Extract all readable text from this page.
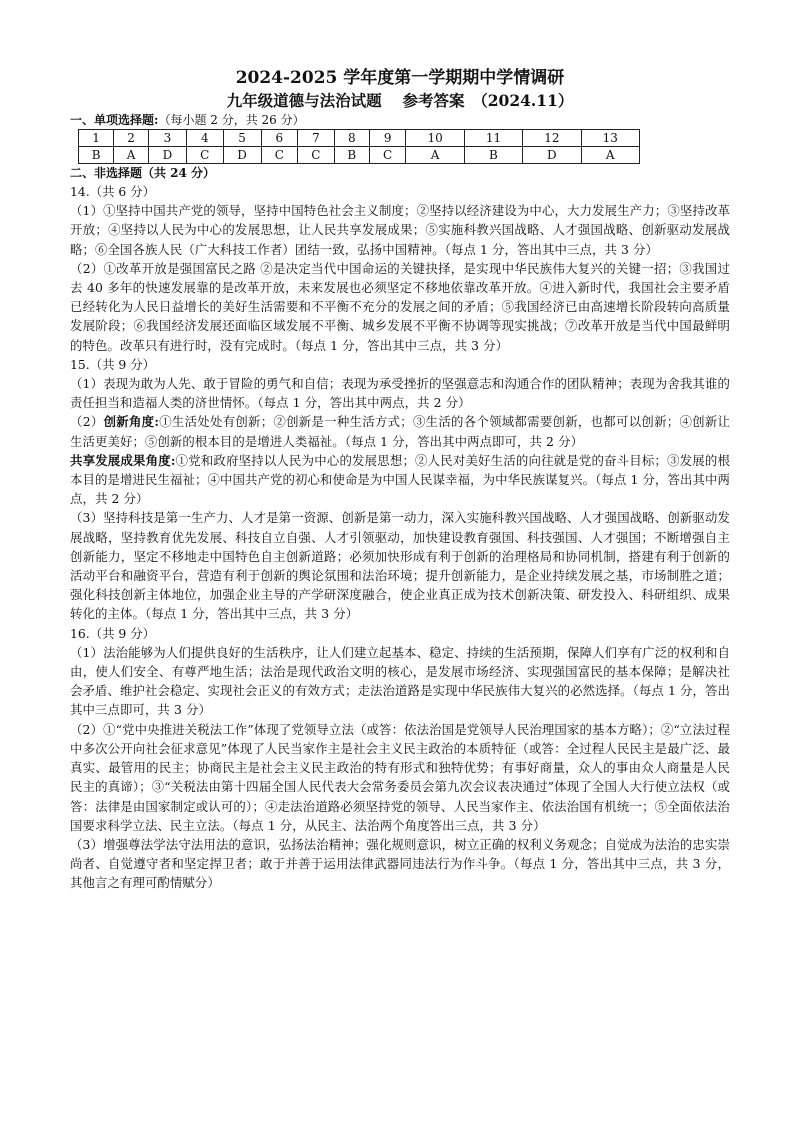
2024-2025 学年度第一学期期中学情调研
九年级道德与法治试题　 参考答案　（2024.11）

一、单项选择题:（每小题 2 分，共 26 分）

1	2	3	4	5	6	7	8	9	10	11	12	13
B	A	D	C	D	C	C	B	C	A	B	D	A

二、非选择题（共 24 分）

14.（共 6 分）

（1）①坚持中国共产党的领导，坚持中国特色社会主义制度；②坚持以经济建设为中心，大力发展生产力；③坚持改革开放；④坚持以人民为中心的发展思想，让人民共享发展成果；⑤实施科教兴国战略、人才强国战略、创新驱动发展战略；⑥全国各族人民（广大科技工作者）团结一致，弘扬中国精神。（每点 1 分，答出其中三点，共 3 分）

（2）①改革开放是强国富民之路 ②是决定当代中国命运的关键抉择，是实现中华民族伟大复兴的关键一招；③我国过去 40 多年的快速发展靠的是改革开放，未来发展也必须坚定不移地依靠改革开放。④进入新时代，我国社会主要矛盾已经转化为人民日益增长的美好生活需要和不平衡不充分的发展之间的矛盾；⑤我国经济已由高速增长阶段转向高质量发展阶段；⑥我国经济发展还面临区域发展不平衡、城乡发展不平衡不协调等现实挑战；⑦改革开放是当代中国最鲜明的特色。改革只有进行时，没有完成时。（每点 1 分，答出其中三点，共 3 分）

15.（共 9 分）

（1）表现为敢为人先、敢于冒险的勇气和自信；表现为承受挫折的坚强意志和沟通合作的团队精神；表现为舍我其谁的责任担当和造福人类的济世情怀。（每点 1 分，答出其中两点，共 2 分）

（2）创新角度:①生活处处有创新；②创新是一种生活方式；③生活的各个领域都需要创新，也都可以创新；④创新让生活更美好；⑤创新的根本目的是增进人类福祉。（每点 1 分，答出其中两点即可，共 2 分）

共享发展成果角度:①党和政府坚持以人民为中心的发展思想；②人民对美好生活的向往就是党的奋斗目标；③发展的根本目的是增进民生福祉；④中国共产党的初心和使命是为中国人民谋幸福，为中华民族谋复兴。（每点 1 分，答出其中两点，共 2 分）

（3）坚持科技是第一生产力、人才是第一资源、创新是第一动力，深入实施科教兴国战略、人才强国战略、创新驱动发展战略，坚持教育优先发展、科技自立自强、人才引领驱动，加快建设教育强国、科技强国、人才强国；不断增强自主创新能力，坚定不移地走中国特色自主创新道路；必须加快形成有利于创新的治理格局和协同机制，搭建有利于创新的活动平台和融资平台，营造有利于创新的舆论氛围和法治环境；提升创新能力，是企业持续发展之基，市场制胜之道；强化科技创新主体地位，加强企业主导的产学研深度融合，使企业真正成为技术创新决策、研发投入、科研组织、成果转化的主体。（每点 1 分，答出其中三点，共 3 分）

16.（共 9 分）

（1）法治能够为人们提供良好的生活秩序，让人们建立起基本、稳定、持续的生活预期，保障人们享有广泛的权利和自由，使人们安全、有尊严地生活；法治是现代政治文明的核心，是发展市场经济、实现强国富民的基本保障；是解决社会矛盾、维护社会稳定、实现社会正义的有效方式；走法治道路是实现中华民族伟大复兴的必然选择。（每点 1 分，答出其中三点即可，共 3 分）

（2）①“党中央推进关税法工作”体现了党领导立法（或答：依法治国是党领导人民治理国家的基本方略）；②“立法过程中多次公开向社会征求意见”体现了人民当家作主是社会主义民主政治的本质特征（或答：全过程人民民主是最广泛、最真实、最管用的民主；协商民主是社会主义民主政治的特有形式和独特优势；有事好商量，众人的事由众人商量是人民民主的真谛）；③“关税法由第十四届全国人民代表大会常务委员会第九次会议表决通过”体现了全国人大行使立法权（或答：法律是由国家制定或认可的）；④走法治道路必须坚持党的领导、人民当家作主、依法治国有机统一；⑤全面依法治国要求科学立法、民主立法。（每点 1 分，从民主、法治两个角度答出三点，共 3 分）

（3）增强尊法学法守法用法的意识，弘扬法治精神；强化规则意识，树立正确的权利义务观念；自觉成为法治的忠实崇尚者、自觉遵守者和坚定捍卫者；敢于并善于运用法律武器同违法行为作斗争。（每点 1 分，答出其中三点，共 3 分，其他言之有理可酌情赋分）
